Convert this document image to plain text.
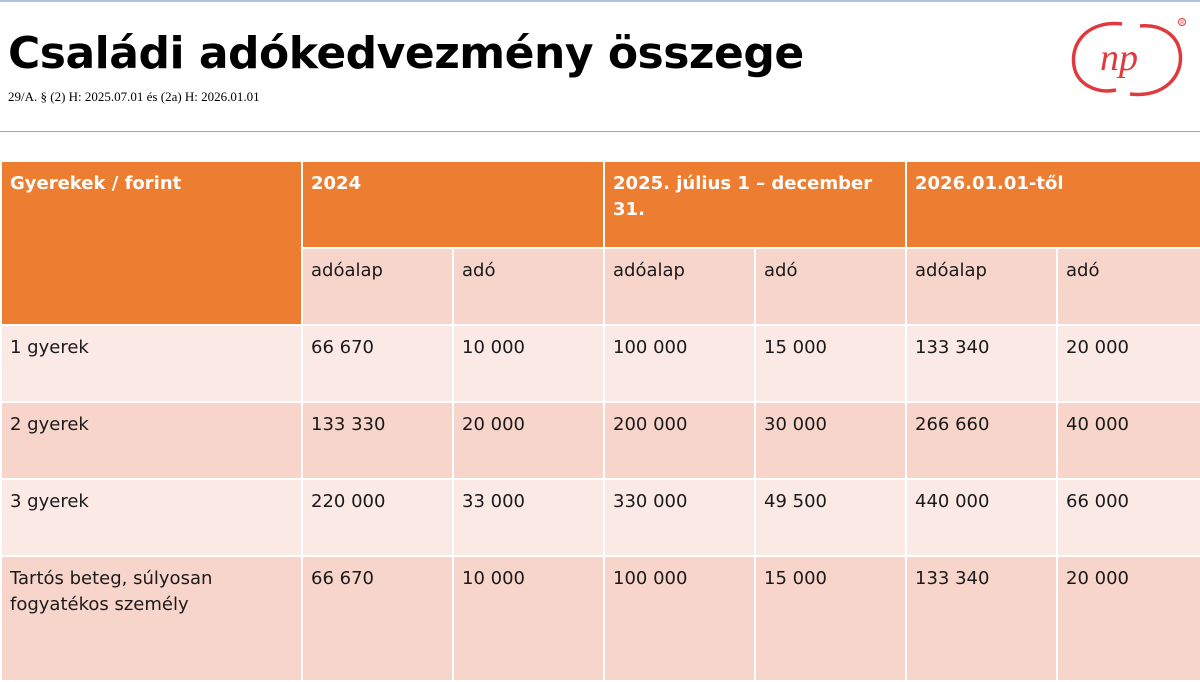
Családi adókedvezmény összege
29/A. § (2) H: 2025.07.01 és (2a) H: 2026.01.01
np
R
Gyerekek / forint	2024		2025. július 1 – december 31.		2026.01.01-től	
	adóalap	adó	adóalap	adó	adóalap	adó
1 gyerek	66 670	10 000	100 000	15 000	133 340	20 000
2 gyerek	133 330	20 000	200 000	30 000	266 660	40 000
3 gyerek	220 000	33 000	330 000	49 500	440 000	66 000
Tartós beteg, súlyosan fogyatékos személy	66 670	10 000	100 000	15 000	133 340	20 000
